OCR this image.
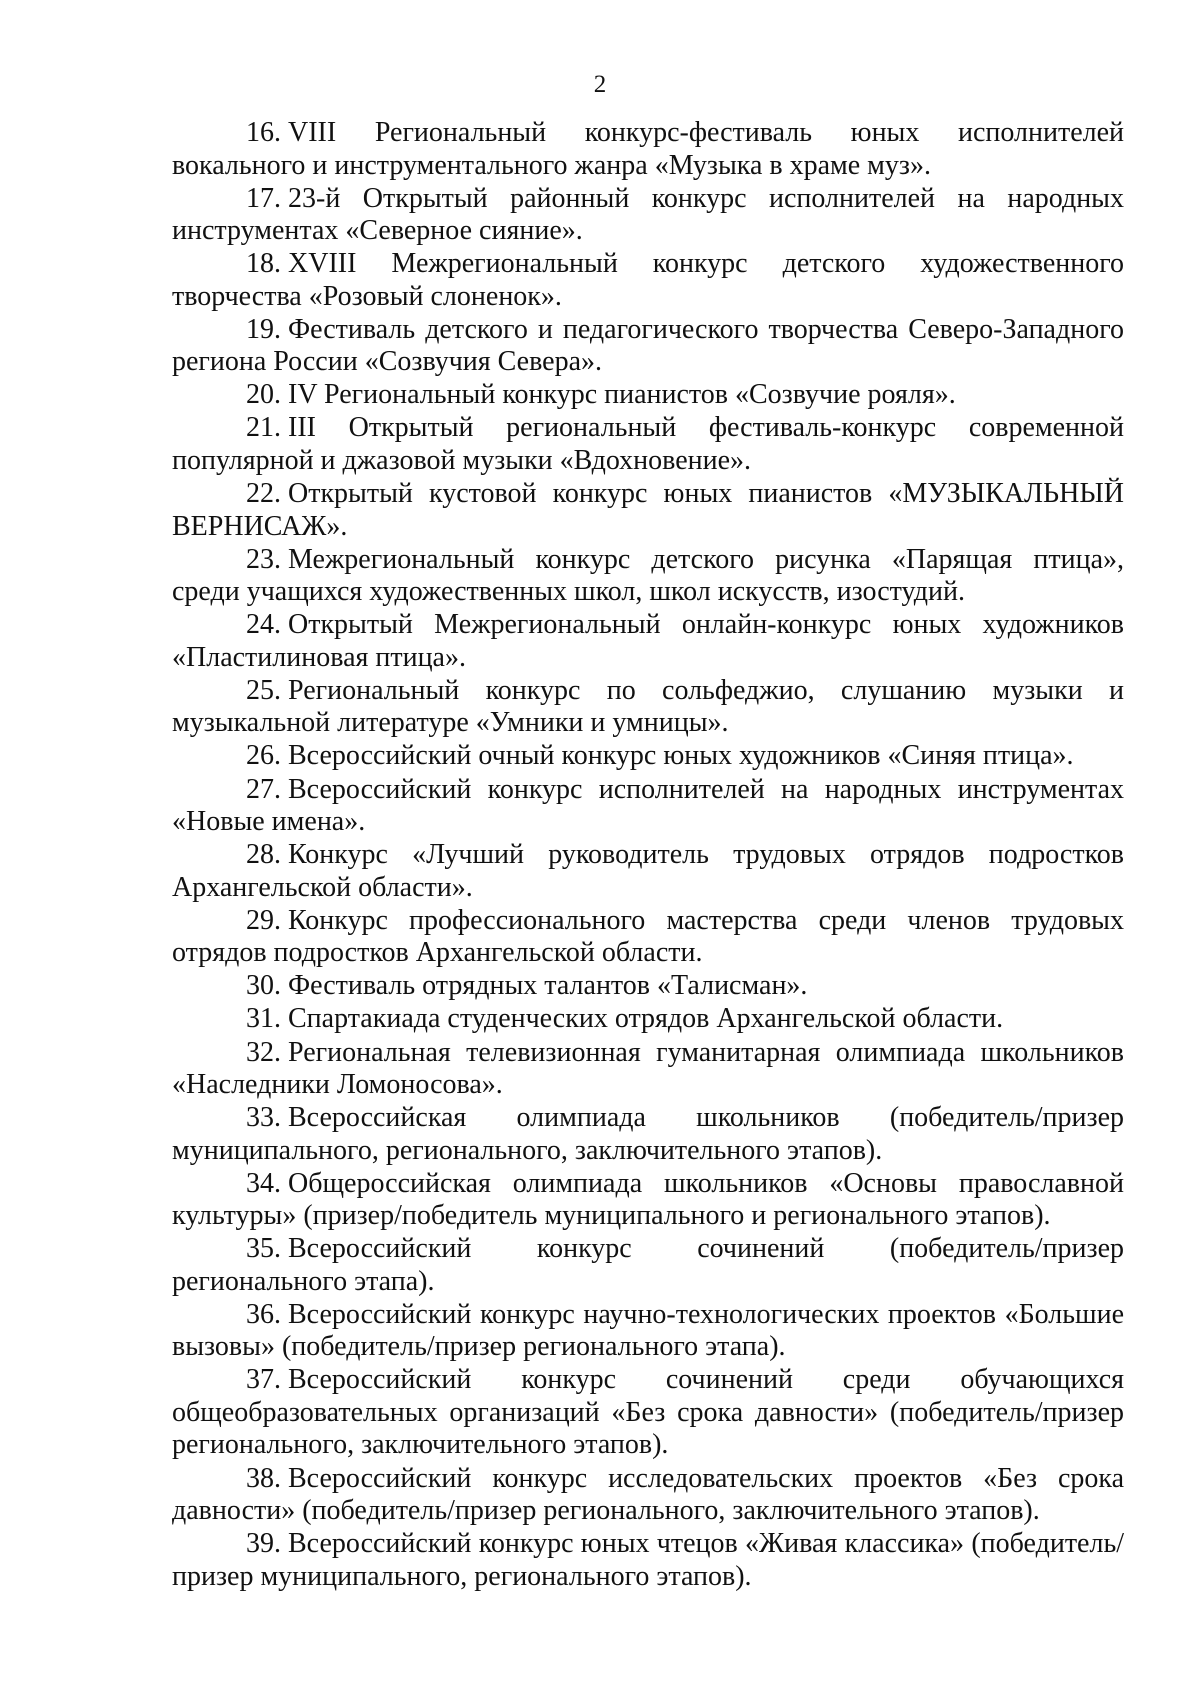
2

16. VIII Региональный конкурс-фестиваль юных исполнителей вокального и инструментального жанра «Музыка в храме муз».

17. 23-й Открытый районный конкурс исполнителей на народных инструментах «Северное сияние».

18. XVIII Межрегиональный конкурс детского художественного творчества «Розовый слоненок».

19. Фестиваль детского и педагогического творчества Северо-Западного региона России «Созвучия Севера».

20. IV Региональный конкурс пианистов «Созвучие рояля».

21. III Открытый региональный фестиваль-конкурс современной популярной и джазовой музыки «Вдохновение».

22. Открытый кустовой конкурс юных пианистов «МУЗЫКАЛЬНЫЙ ВЕРНИСАЖ».

23. Межрегиональный конкурс детского рисунка «Парящая птица», среди учащихся художественных школ, школ искусств, изостудий.

24. Открытый Межрегиональный онлайн-конкурс юных художников «Пластилиновая птица».

25. Региональный конкурс по сольфеджио, слушанию музыки и музыкальной литературе «Умники и умницы».

26. Всероссийский очный конкурс юных художников «Синяя птица».

27. Всероссийский конкурс исполнителей на народных инструментах «Новые имена».

28. Конкурс «Лучший руководитель трудовых отрядов подростков Архангельской области».

29. Конкурс профессионального мастерства среди членов трудовых отрядов подростков Архангельской области.

30. Фестиваль отрядных талантов «Талисман».

31. Спартакиада студенческих отрядов Архангельской области.

32. Региональная телевизионная гуманитарная олимпиада школьников «Наследники Ломоносова».

33. Всероссийская олимпиада школьников (победитель/призер муниципального, регионального, заключительного этапов).

34. Общероссийская олимпиада школьников «Основы православной культуры» (призер/победитель муниципального и регионального этапов).

35. Всероссийский конкурс сочинений (победитель/призер регионального этапа).

36. Всероссийский конкурс научно-технологических проектов «Большие вызовы» (победитель/призер регионального этапа).

37. Всероссийский конкурс сочинений среди обучающихся общеобразовательных организаций «Без срока давности» (победитель/призер регионального, заключительного этапов).

38. Всероссийский конкурс исследовательских проектов «Без срока давности» (победитель/призер регионального, заключительного этапов).

39. Всероссийский конкурс юных чтецов «Живая классика» (победитель/ призер муниципального, регионального этапов).
